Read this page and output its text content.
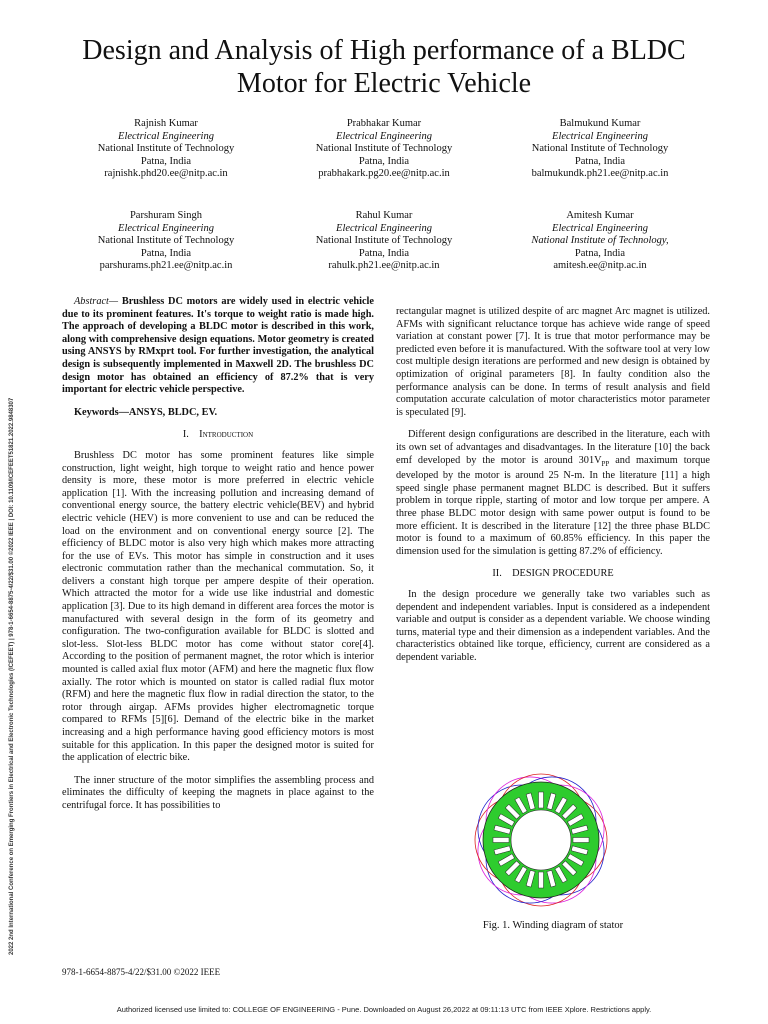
2022 2nd International Conference on Emerging Frontiers in Electrical and Electronic Technologies (ICEFEET) | 978-1-6654-8875-4/22/$31.00 ©2022 IEEE | DOI: 10.1109/ICEFEET51821.2022.9848307
Design and Analysis of High performance of a BLDC Motor for Electric Vehicle
Rajnish Kumar
Electrical Engineering
National Institute of Technology
Patna, India
rajnishk.phd20.ee@nitp.ac.in
Prabhakar Kumar
Electrical Engineering
National Institute of Technology
Patna, India
prabhakark.pg20.ee@nitp.ac.in
Balmukund Kumar
Electrical Engineering
National Institute of Technology
Patna, India
balmukundk.ph21.ee@nitp.ac.in
Parshuram Singh
Electrical Engineering
National Institute of Technology
Patna, India
parshurams.ph21.ee@nitp.ac.in
Rahul Kumar
Electrical Engineering
National Institute of Technology
Patna, India
rahulk.ph21.ee@nitp.ac.in
Amitesh Kumar
Electrical Engineering
National Institute of Technology,
Patna, India
amitesh.ee@nitp.ac.in

Abstract— Brushless DC motors are widely used in electric vehicle due to its prominent features. It's torque to weight ratio is made high. The approach of developing a BLDC motor is described in this work, along with comprehensive design equations. Motor geometry is created using ANSYS by RMxprt tool. For further investigation, the analytical design is subsequently implemented in Maxwell 2D. The brushless DC design motor has obtained an efficiency of 87.2% that is very important for electric vehicle perspective.

Keywords—ANSYS, BLDC, EV.

I. Introduction

Brushless DC motor has some prominent features like simple construction, light weight, high torque to weight ratio and hence power density is more, these motor is more preferred in electric vehicle application [1]. With the increasing pollution and increasing demand of conventional energy source, the battery electric vehicle(BEV) and hybrid electric vehicle (HEV) is more convenient to use and can be reduced the load on the environment and on conventional energy source [2]. The efficiency of BLDC motor is also very high which makes more attracting for the use of EVs. This motor has simple in construction and it uses electronic commutation rather than the mechanical commutation. So, it delivers a constant high torque per ampere despite of their operation. Which attracted the motor for a wide use like industrial and domestic application [3]. Due to its high demand in different area forces the motor is manufactured with several design in the form of its geometry and configuration. The two-configuration available for BLDC is slotted and slot-less. Slot-less BLDC motor has come without stator core[4]. According to the position of permanent magnet, the rotor which is interior mounted is called axial flux motor (AFM) and here the magnetic flux flow axially. The rotor which is mounted on stator is called radial flux motor (RFM) and here the magnetic flux flow in radial direction the stator, to the rotor through airgap. AFMs provides higher electromagnetic torque compared to RFMs [5][6]. Demand of the electric bike in the market increasing and a high performance having good efficiency motors is most suitable for this application. In this paper the designed motor is suited for the application of electric bike.

The inner structure of the motor simplifies the assembling process and eliminates the difficulty of keeping the magnets in place against to the centrifugal force. It has possibilities to

rectangular magnet is utilized despite of arc magnet Arc magnet is utilized. AFMs with significant reluctance torque has achieve wide range of speed variation at constant power [7]. It is true that motor performance may be predicted even before it is manufactured. With the software tool at very low cost multiple design iterations are performed and new design is obtained by optimization of original parameters [8]. In faulty condition also the performance analysis can be done. In terms of result analysis and field computation accurate calculation of motor characteristics motor parameter is speculated [9].

Different design configurations are described in the literature, each with its own set of advantages and disadvantages. In the literature [10] the back emf developed by the motor is around $301V_{PP}$ and maximum torque developed by the motor is around 25 N-m. In the literature [11] a high speed single phase permanent magnet BLDC is described. But it suffers problem in torque ripple, starting of motor and low torque per ampere. A three phase BLDC motor design with same power output is found to be more efficient. It is described in the literature [12] the three phase BLDC motor is found to a maximum of 60.85% efficiency. In this paper the dimension used for the simulation is getting 87.2% of efficiency.

II. DESIGN PROCEDURE

In the design procedure we generally take two variables such as dependent and independent variables. Input is considered as a independent variable and output is consider as a dependent variable. We choose winding turns, material type and their dimension as a independent variables. And the characteristics obtained like torque, efficiency, current are considered as a dependent variable.

Fig. 1. Winding diagram of stator
978-1-6654-8875-4/22/$31.00 ©2022 IEEE
Authorized licensed use limited to: COLLEGE OF ENGINEERING - Pune. Downloaded on August 26,2022 at 09:11:13 UTC from IEEE Xplore. Restrictions apply.
